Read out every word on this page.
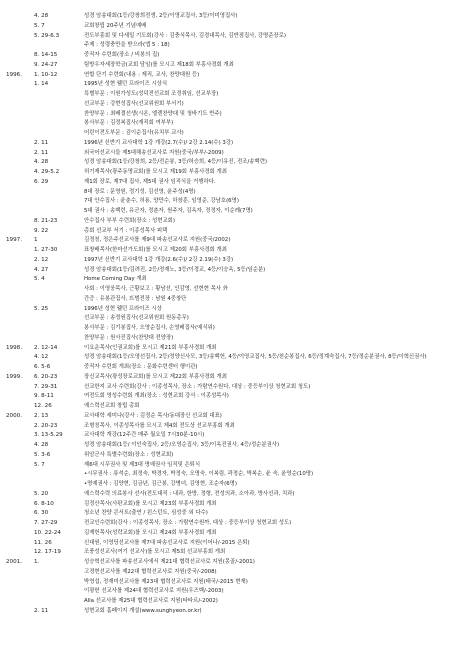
4. 28	성경 암송대회(1등/강창희전생, 2등/이영교집사, 3등/이미영집사)
5. 7	교회창립 20주년 기념예배
5. 29-6.3	전도부흥회 및 다세밀 기도회(강사 : 김충식목사, 김경대목사, 김반점집사, 강명준장로)
주제 : 성령충만을 받으라(엡 5 : 18)
8. 14-15	중직자 수련회(장소 / 비봉의 집)
9. 24-27	팀방우자세장학금(교회 담임)를 모시고 제18회 부흥사경회 개최
1996.	1. 10-12	연합 단기 수련회(내용 : 제직, 교사, 찬양대원 등)
1. 14	1995년 성현 웰던 프라이즈 시상식
특별부문 : 이원가성도(성덕전선교회 조정취임, 선교부장)
선교부문 : 강현성집사(선교위원회 부서기)
찬양부문 : 최배결선생(시온, 엘렌찬양대 및 청바기도 반주)
봉사부문 : 김정복집사(재직회 여부부)
어린이전도부문 : 김이순집사(유치부 교사)
2. 11	1996년 신반기 교사대학 1강 개강(2.7(수)/ 2강 2.14(수) 3강)
2. 11	외국어선교시들 제5대해송선교사로 지원(중국/부부/-2009)
4. 28	성경 암송대회(1등/강창희, 2등/전순봉, 3등/허승희, 4등/이유진, 전조/송백련)
4. 29-5.2	허기재목사(광주동명교회)를 모시고 제19회 부흥사경회 개최
6. 29	제1회 장로, 제7대 집사, 제5대 권사 임직식을 거행하다.
8대 장로 : 문영원, 정기성, 김선영, 윤주성(4명)
7대 안수집사 : 윤춘수, 허용, 양만수, 하창훈, 임영준, 강남호(6명)
5대 권사 : 송백련, 유군자, 정춘자, 원주자, 김옥자, 정정자, 이순례(7명)
8. 21-23	안수집사 부부 수련회(장소 : 성현교회)
9. 22	총회 선교부 서기 : 이종성목사 피택
1997.	1	김정칭, 정은주선교사를 제9대 파송선교사로 지원(중국/2002)
1. 27-30	표창배목사(한마선가도회)를 모시고 제20회 부흥사경회 개최
2. 12	1997년 신반기 교사대학 1강 개강(2.6(수)/ 2강 2.19(수) 3강)
4. 27	성경 암송대회(1등/김려진, 2등/정재노, 3등/이경교, 4등/이승옥, 5등/임순분)
5. 4	Home Coming Day 개최
사회 : 이영웅목사, 근황보고 : 황남선, 인감영, 선현현 목사 外
간증 : 유봉관집사, 뜨범전장 : 남원 4중창단
5. 25	1996년 성현 웰던 프라이즈 시상
선교부문 : 송정원집사(선교위원회 원동총무)
봉사부문 : 김기봉집사, 오영순집사, 손영배집사(예식위)
찬양부문 : 원사진집사(찬양대 전양장)
1998.	2. 12-14	이요운목사(인권교회)를 모시고 제21회 부흥사경회 개최
4. 12	성경 암송대회(1등/오영선집사, 2등/정양신사모, 3등/송백헌, 4등/이영교집사, 5등/천순봉집사, 6등/정계숙집사, 7등/정순분권사, 8등/이혁신권사)
6. 5-6	중직자 수련회 개최(장소 : 문화수련센터 행이관)
1999.	6. 20-23	장신교목사(광성장로교회)를 모시고 제22회 부흥사경회 개최
7. 29-31	선교한지 교사 수련회(강사 : 이종성목사, 장소 : 가람연수원다, 대상 : 중등부이상 청현교회 청도)
9. 8-11	여전도회 영성수련회 개최(장소 : 성현교회 강사 : 이종성목사)
12. 26	예스력선교회 창립 총회
2000.	2. 13	교사대학 세미나(강사 : 김정순 목사/동대장신 선교회 대표)
2. 20-23	조형칭목사, 이종성목사를 모시고 제4회 전도상 선교부흥회 개최
3. 13-5.29	교사대학 개강(12주간 매주 월요일 7시30분-10시)
4. 28	성경 암송대회(1등/ 이인숙집사, 2등/오영순집사, 3등/이옥진권사, 4등/정순분권사)
5. 3-6	위암군사 특별수련회(장소 : 성현교회)
5. 7	제6대 시무권사 및 제3대 명예권사 임직및 은퇴식
•시무권사 : 류석순, 최정숙, 박경자, 박정숙, 오명숙, 이복림, 곽정순, 박복순, 윤 숙, 윤영순(10명)
•명예권사 : 김양현, 김금년, 김근봉, 강병녀, 김영현, 조순자(6명)
5. 20	예스력수력 의료봉사 선사(전도대직 : 내과, 한방, 정형, 전성의과, 소아과, 방사선과, 치과)
6. 8-10	김정산목사(사판교회)를 모시고 제23회 부흥사경회 개최
6. 30	청소년 찬양 콘서트(출연 / 윈스턴트, 심성중 외 다수)
7. 27-29	전교인수련회(강사 : 이종성목사, 장소 : 가람연수원까, 대상 : 중등부이상 청현교회 성도)
10. 22-24	김재헌목사(성락교회)를 모시고 제24회 부흥사경회 개최
11. 26	신대원, 이영딩선교사를 제7대 파송선교사로 지원(이어나/-2015 은퇴)
12. 17-19	조풍성선교사(여기 선교사)를 모시고 제5회 선교부흥회 개최
2001.	1.	성승혁선교사를 파송선교사에서 제21대 협력선교사로 지원(몽골/-2001)
고경현선교사를 제22대 협력선교사로 지원(중국/-2008)
박영섭, 정재미선교사를 제23대 협력선교사로 지원(태국/-2015 현재)
이광헌 선교사를 제24대 협력선교사로 지원(우즈벡/-2003)
Alla 선교사를 제25대 협력선교사로 지원(타타르/-2002)
2. 11	성현교회 홈페이지 개설(www.sunghyeon.or.kr)
